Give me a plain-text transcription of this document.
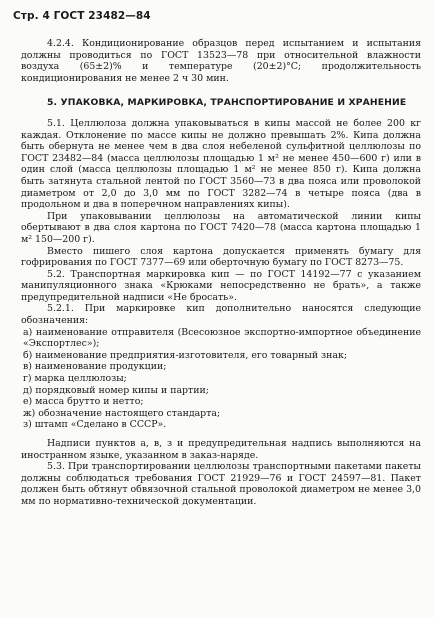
Стр. 4 ГОСТ 23482—84

4.2.4. Кондиционирование образцов перед испытанием и испытания должны проводиться по ГОСТ 13523—78 при относительной влажности воздуха (65±2)% и температуре (20±2)°С; продолжительность кондиционирования не менее 2 ч 30 мин.

5. УПАКОВКА, МАРКИРОВКА, ТРАНСПОРТИРОВАНИЕ И ХРАНЕНИЕ

5.1. Целлюлоза должна упаковываться в кипы массой не более 200 кг каждая. Отклонение по массе кипы не должно превышать 2%. Кипа должна быть обернута не менее чем в два слоя небеленой сульфитной целлюлозы по ГОСТ 23482—84 (масса целлюлозы площадью 1 м² не менее 450—600 г) или в один слой (масса целлюлозы площадью 1 м² не менее 850 г). Кипа должна быть затянута стальной лентой по ГОСТ 3560—73 в два пояса или проволокой диаметром от 2,0 до 3,0 мм по ГОСТ 3282—74 в четыре пояса (два в продольном и два в поперечном направлениях кипы).

При упаковывании целлюлозы на автоматической линии кипы обертывают в два слоя картона по ГОСТ 7420—78 (масса картона площадью 1 м² 150—200 г).

Вместо пишего слоя картона допускается применять бумагу для гофрирования по ГОСТ 7377—69 или оберточную бумагу по ГОСТ 8273—75.

5.2. Транспортная маркировка кип — по ГОСТ 14192—77 с указанием манипуляционного знака «Крюками непосредственно не брать», а также предупредительной надписи «Не бросать».

5.2.1. При маркировке кип дополнительно наносятся следующие обозначения:

а) наименование отправителя (Всесоюзное экспортно-импортное объединение «Экспортлес»);
б) наименование предприятия-изготовителя, его товарный знак;
в) наименование продукции;
г) марка целлюлозы;
д) порядковый номер кипы и партии;
е) масса брутто и нетто;
ж) обозначение настоящего стандарта;
з) штамп «Сделано в СССР».

Надписи пунктов а, в, з и предупредительная надпись выполняются на иностранном языке, указанном в заказ-наряде.

5.3. При транспортировании целлюлозы транспортными пакетами пакеты должны соблюдаться требования ГОСТ 21929—76 и ГОСТ 24597—81. Пакет должен быть обтянут обвязочной стальной проволокой диаметром не менее 3,0 мм по нормативно-технической документации.
